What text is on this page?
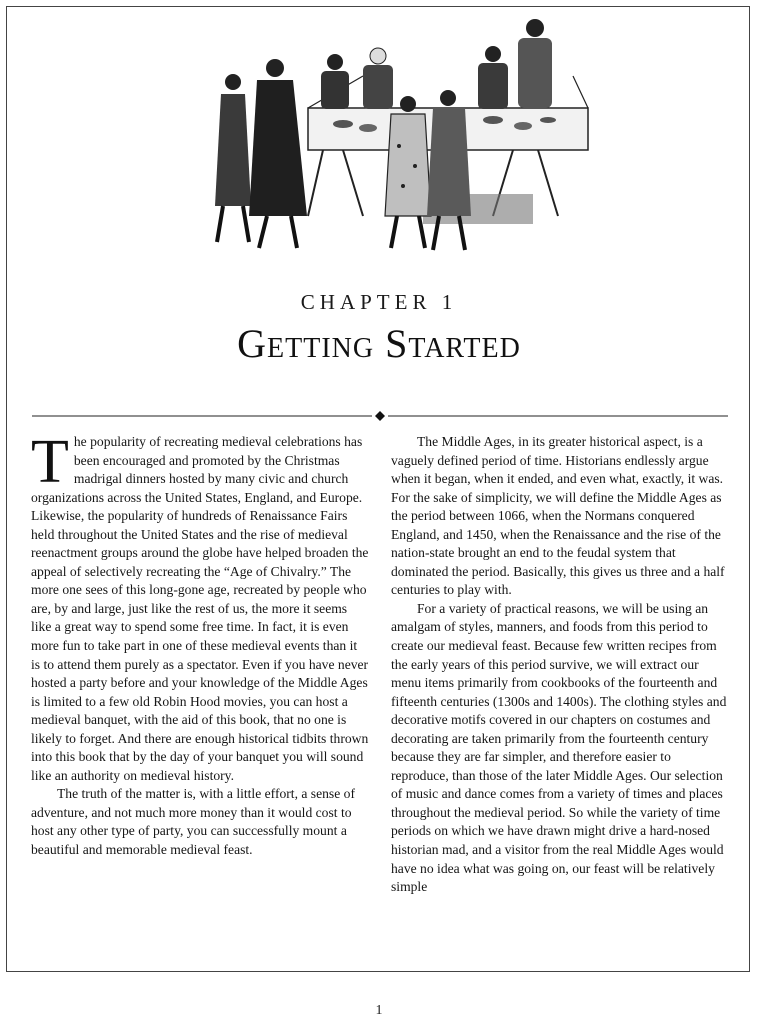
CHAPTER 1
Getting Started

The popularity of recreating medieval celebrations has been encouraged and promoted by the Christmas madrigal dinners hosted by many civic and church organizations across the United States, England, and Europe. Likewise, the popularity of hundreds of Renaissance Fairs held throughout the United States and the rise of medieval reenactment groups around the globe have helped broaden the appeal of selectively recreating the “Age of Chivalry.” The more one sees of this long-gone age, recreated by people who are, by and large, just like the rest of us, the more it seems like a great way to spend some free time. In fact, it is even more fun to take part in one of these medieval events than it is to attend them purely as a spectator. Even if you have never hosted a party before and your knowledge of the Middle Ages is limited to a few old Robin Hood movies, you can host a medieval banquet, with the aid of this book, that no one is likely to forget. And there are enough historical tidbits thrown into this book that by the day of your banquet you will sound like an authority on medieval history.

The truth of the matter is, with a little effort, a sense of adventure, and not much more money than it would cost to host any other type of party, you can successfully mount a beautiful and memorable medieval feast.

The Middle Ages, in its greater historical aspect, is a vaguely defined period of time. Historians endlessly argue when it began, when it ended, and even what, exactly, it was. For the sake of simplicity, we will define the Middle Ages as the period between 1066, when the Normans conquered England, and 1450, when the Renaissance and the rise of the nation-state brought an end to the feudal system that dominated the period. Basically, this gives us three and a half centuries to play with.

For a variety of practical reasons, we will be using an amalgam of styles, manners, and foods from this period to create our medieval feast. Because few written recipes from the early years of this period survive, we will extract our menu items primarily from cookbooks of the fourteenth and fifteenth centuries (1300s and 1400s). The clothing styles and decorative motifs covered in our chapters on costumes and decorating are taken primarily from the fourteenth century because they are far simpler, and therefore easier to reproduce, than those of the later Middle Ages. Our selection of music and dance comes from a variety of times and places throughout the medieval period. So while the variety of time periods on which we have drawn might drive a hard-nosed historian mad, and a visitor from the real Middle Ages would have no idea what was going on, our feast will be relatively simple

1
